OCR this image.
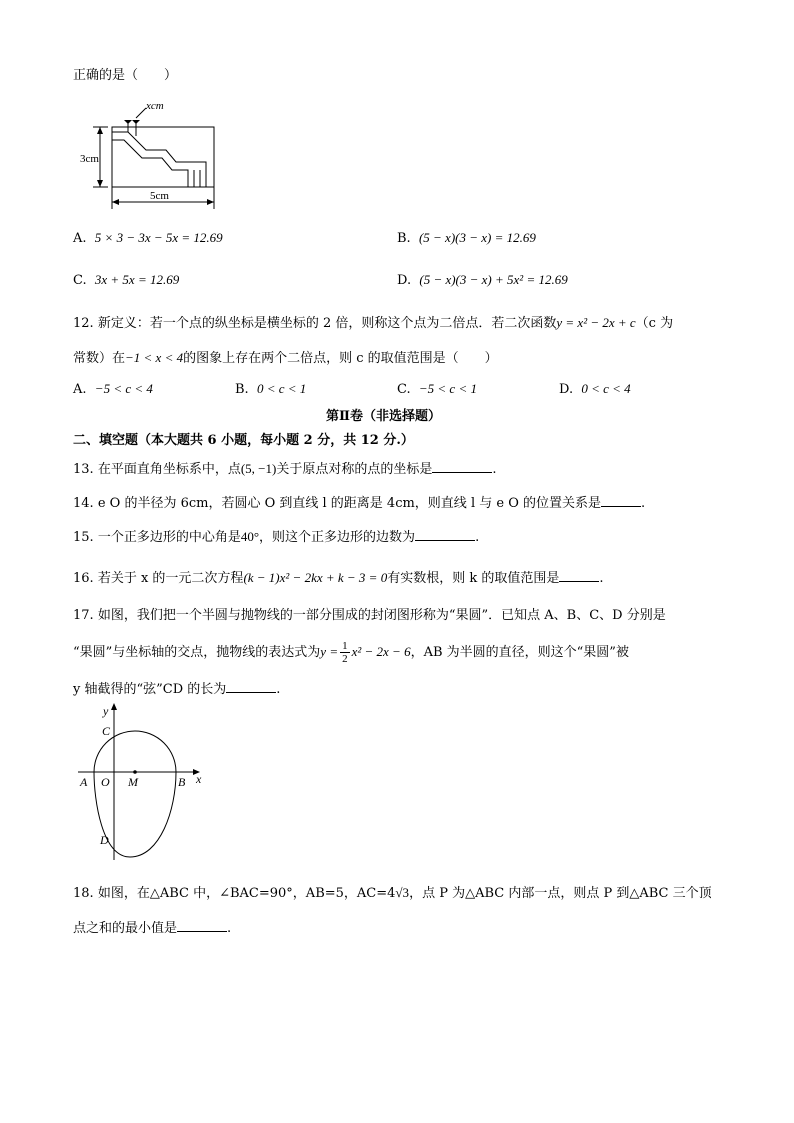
正确的是（　　）
xcm
3cm
5cm
A. 5 × 3 − 3x − 5x = 12.69	B. (5 − x)(3 − x) = 12.69
C. 3x + 5x = 12.69	D. (5 − x)(3 − x) + 5x² = 12.69
12. 新定义：若一个点的纵坐标是横坐标的 2 倍，则称这个点为二倍点．若二次函数y = x² − 2x + c（c 为
常数）在−1 < x < 4的图象上存在两个二倍点，则 c 的取值范围是（　　）
A. −5 < c < 4	B. 0 < c < 1	C. −5 < c < 1	D. 0 < c < 4
第Ⅱ卷（非选择题）
二、填空题（本大题共 6 小题，每小题 2 分，共 12 分.）
13. 在平面直角坐标系中，点(5, −1)关于原点对称的点的坐标是	.
14. e O 的半径为 6cm，若圆心 O 到直线 l 的距离是 4cm，则直线 l 与 e O 的位置关系是	.
15. 一个正多边形的中心角是40°，则这个正多边形的边数为	.
16. 若关于 x 的一元二次方程(k − 1)x² − 2kx + k − 3 = 0有实数根，则 k 的取值范围是	.
17. 如图，我们把一个半圆与抛物线的一部分围成的封闭图形称为“果圆”．已知点 A、B、C、D 分别是
“果圆”与坐标轴的交点，抛物线的表达式为$y = \frac{1}{2} x^2 - 2x - 6$，AB 为半圆的直径，则这个“果圆”被
y 轴截得的“弦”CD 的长为	.
y
x
C
A O M	B
D
18. 如图，在△ABC 中，∠BAC=90°，AB=5，AC=4√3，点 P 为△ABC 内部一点，则点 P 到△ABC 三个顶
点之和的最小值是	.
